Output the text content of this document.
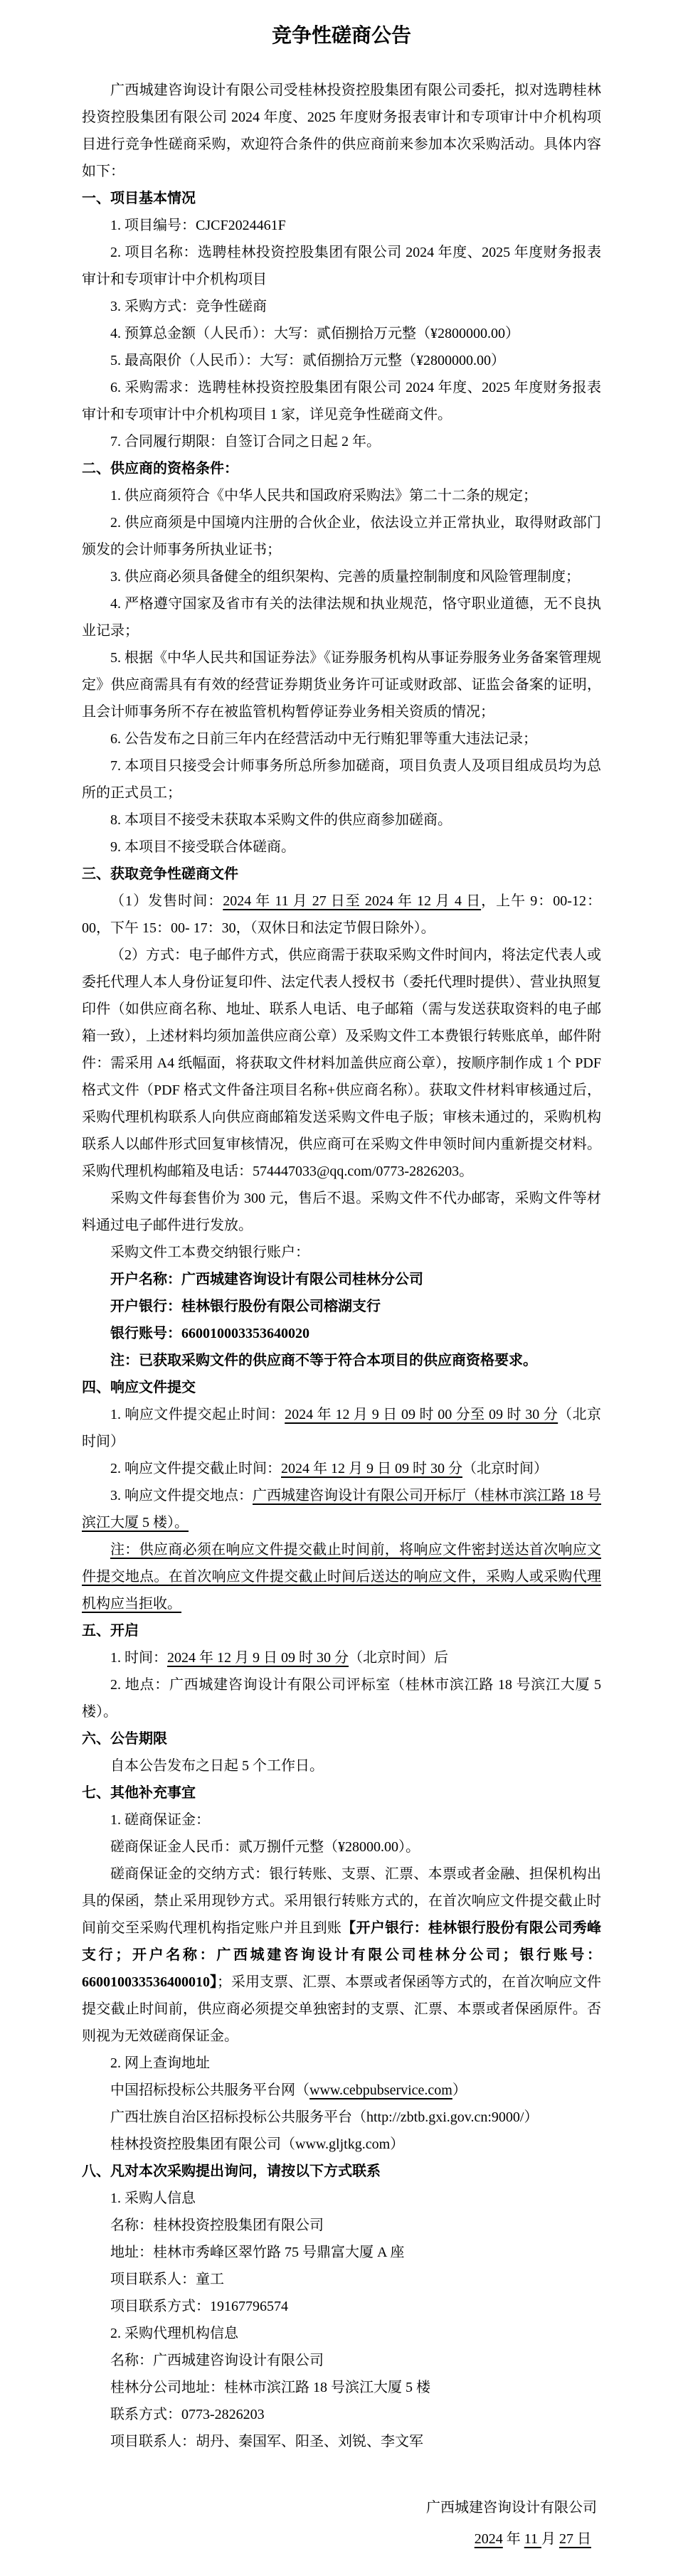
竞争性磋商公告

广西城建咨询设计有限公司受桂林投资控股集团有限公司委托，拟对选聘桂林投资控股集团有限公司 2024 年度、2025 年度财务报表审计和专项审计中介机构项目进行竞争性磋商采购，欢迎符合条件的供应商前来参加本次采购活动。具体内容如下：

一、项目基本情况

1. 项目编号：CJCF2024461F

2. 项目名称：选聘桂林投资控股集团有限公司 2024 年度、2025 年度财务报表审计和专项审计中介机构项目

3. 采购方式：竞争性磋商

4. 预算总金额（人民币）：大写：贰佰捌拾万元整（¥2800000.00）

5. 最高限价（人民币）：大写：贰佰捌拾万元整（¥2800000.00）

6. 采购需求：选聘桂林投资控股集团有限公司 2024 年度、2025 年度财务报表审计和专项审计中介机构项目 1 家，详见竞争性磋商文件。

7. 合同履行期限：自签订合同之日起 2 年。

二、供应商的资格条件：

1. 供应商须符合《中华人民共和国政府采购法》第二十二条的规定；

2. 供应商须是中国境内注册的合伙企业，依法设立并正常执业，取得财政部门颁发的会计师事务所执业证书；

3. 供应商必须具备健全的组织架构、完善的质量控制制度和风险管理制度；

4. 严格遵守国家及省市有关的法律法规和执业规范，恪守职业道德，无不良执业记录；

5. 根据《中华人民共和国证券法》《证券服务机构从事证券服务业务备案管理规定》供应商需具有有效的经营证券期货业务许可证或财政部、证监会备案的证明，且会计师事务所不存在被监管机构暂停证券业务相关资质的情况；

6. 公告发布之日前三年内在经营活动中无行贿犯罪等重大违法记录；

7. 本项目只接受会计师事务所总所参加磋商，项目负责人及项目组成员均为总所的正式员工；

8. 本项目不接受未获取本采购文件的供应商参加磋商。

9. 本项目不接受联合体磋商。

三、获取竞争性磋商文件

（1）发售时间：2024 年 11 月 27 日至 2024 年 12 月 4 日，上午 9：00-12：00，下午 15：00- 17：30，（双休日和法定节假日除外）。

（2）方式：电子邮件方式，供应商需于获取采购文件时间内，将法定代表人或委托代理人本人身份证复印件、法定代表人授权书（委托代理时提供）、营业执照复印件（如供应商名称、地址、联系人电话、电子邮箱（需与发送获取资料的电子邮箱一致），上述材料均须加盖供应商公章）及采购文件工本费银行转账底单，邮件附件：需采用 A4 纸幅面，将获取文件材料加盖供应商公章），按顺序制作成 1 个 PDF 格式文件（PDF 格式文件备注项目名称+供应商名称）。获取文件材料审核通过后，采购代理机构联系人向供应商邮箱发送采购文件电子版；审核未通过的，采购机构联系人以邮件形式回复审核情况，供应商可在采购文件申领时间内重新提交材料。采购代理机构邮箱及电话：574447033@qq.com/0773-2826203。

采购文件每套售价为 300 元，售后不退。采购文件不代办邮寄，采购文件等材料通过电子邮件进行发放。

采购文件工本费交纳银行账户：

开户名称：广西城建咨询设计有限公司桂林分公司

开户银行：桂林银行股份有限公司榕湖支行

银行账号：660010003353640020

注：已获取采购文件的供应商不等于符合本项目的供应商资格要求。

四、响应文件提交

1. 响应文件提交起止时间：2024 年 12 月 9 日 09 时 00 分至 09 时 30 分（北京时间）

2. 响应文件提交截止时间：2024 年 12 月 9 日 09 时 30 分（北京时间）

3. 响应文件提交地点：广西城建咨询设计有限公司开标厅（桂林市滨江路 18 号滨江大厦 5 楼）。

注：供应商必须在响应文件提交截止时间前，将响应文件密封送达首次响应文件提交地点。在首次响应文件提交截止时间后送达的响应文件，采购人或采购代理机构应当拒收。

五、开启

1. 时间：2024 年 12 月 9 日 09 时 30 分（北京时间）后

2. 地点：广西城建咨询设计有限公司评标室（桂林市滨江路 18 号滨江大厦 5 楼）。

六、公告期限

自本公告发布之日起 5 个工作日。

七、其他补充事宜

1. 磋商保证金：

磋商保证金人民币：贰万捌仟元整（¥28000.00）。

磋商保证金的交纳方式：银行转账、支票、汇票、本票或者金融、担保机构出具的保函，禁止采用现钞方式。采用银行转账方式的，在首次响应文件提交截止时间前交至采购代理机构指定账户并且到账【开户银行：桂林银行股份有限公司秀峰支行；开户名称：广西城建咨询设计有限公司桂林分公司；银行账号：660010033536400010】；采用支票、汇票、本票或者保函等方式的，在首次响应文件提交截止时间前，供应商必须提交单独密封的支票、汇票、本票或者保函原件。否则视为无效磋商保证金。

2. 网上查询地址

中国招标投标公共服务平台网（www.cebpubservice.com）

广西壮族自治区招标投标公共服务平台（http://zbtb.gxi.gov.cn:9000/）

桂林投资控股集团有限公司（www.gljtkg.com）

八、凡对本次采购提出询问，请按以下方式联系

1. 采购人信息

名称：桂林投资控股集团有限公司

地址：桂林市秀峰区翠竹路 75 号鼎富大厦 A 座

项目联系人：童工

项目联系方式：19167796574

2. 采购代理机构信息

名称：广西城建咨询设计有限公司

桂林分公司地址：桂林市滨江路 18 号滨江大厦 5 楼

联系方式：0773-2826203

项目联系人：胡丹、秦国军、阳圣、刘锐、李文军

广西城建咨询设计有限公司

2024 年 11 月 27 日
